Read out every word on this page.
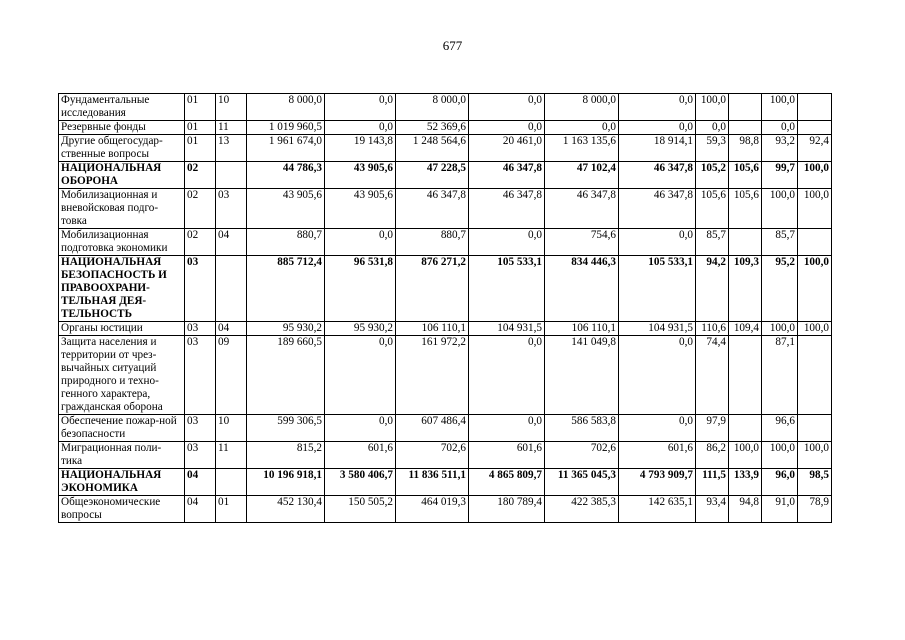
677
Фундаментальные исследования	01	10	8 000,0	0,0	8 000,0	0,0	8 000,0	0,0	100,0		100,0	
Резервные фонды	01	11	1 019 960,5	0,0	52 369,6	0,0	0,0	0,0	0,0		0,0	
Другие общегосудар-ственные вопросы	01	13	1 961 674,0	19 143,8	1 248 564,6	20 461,0	1 163 135,6	18 914,1	59,3	98,8	93,2	92,4
НАЦИОНАЛЬНАЯ ОБОРОНА	02		44 786,3	43 905,6	47 228,5	46 347,8	47 102,4	46 347,8	105,2	105,6	99,7	100,0
Мобилизационная и вневойсковая подго-товка	02	03	43 905,6	43 905,6	46 347,8	46 347,8	46 347,8	46 347,8	105,6	105,6	100,0	100,0
Мобилизационная подготовка экономики	02	04	880,7	0,0	880,7	0,0	754,6	0,0	85,7		85,7	
НАЦИОНАЛЬНАЯ БЕЗОПАСНОСТЬ И ПРАВООХРАНИ-ТЕЛЬНАЯ ДЕЯ-ТЕЛЬНОСТЬ	03		885 712,4	96 531,8	876 271,2	105 533,1	834 446,3	105 533,1	94,2	109,3	95,2	100,0
Органы юстиции	03	04	95 930,2	95 930,2	106 110,1	104 931,5	106 110,1	104 931,5	110,6	109,4	100,0	100,0
Защита населения и территории от чрез-вычайных ситуаций природного и техно-генного характера, гражданская оборона	03	09	189 660,5	0,0	161 972,2	0,0	141 049,8	0,0	74,4		87,1	
Обеспечение пожар-ной безопасности	03	10	599 306,5	0,0	607 486,4	0,0	586 583,8	0,0	97,9		96,6	
Миграционная поли-тика	03	11	815,2	601,6	702,6	601,6	702,6	601,6	86,2	100,0	100,0	100,0
НАЦИОНАЛЬНАЯ ЭКОНОМИКА	04		10 196 918,1	3 580 406,7	11 836 511,1	4 865 809,7	11 365 045,3	4 793 909,7	111,5	133,9	96,0	98,5
Общеэкономические вопросы	04	01	452 130,4	150 505,2	464 019,3	180 789,4	422 385,3	142 635,1	93,4	94,8	91,0	78,9
